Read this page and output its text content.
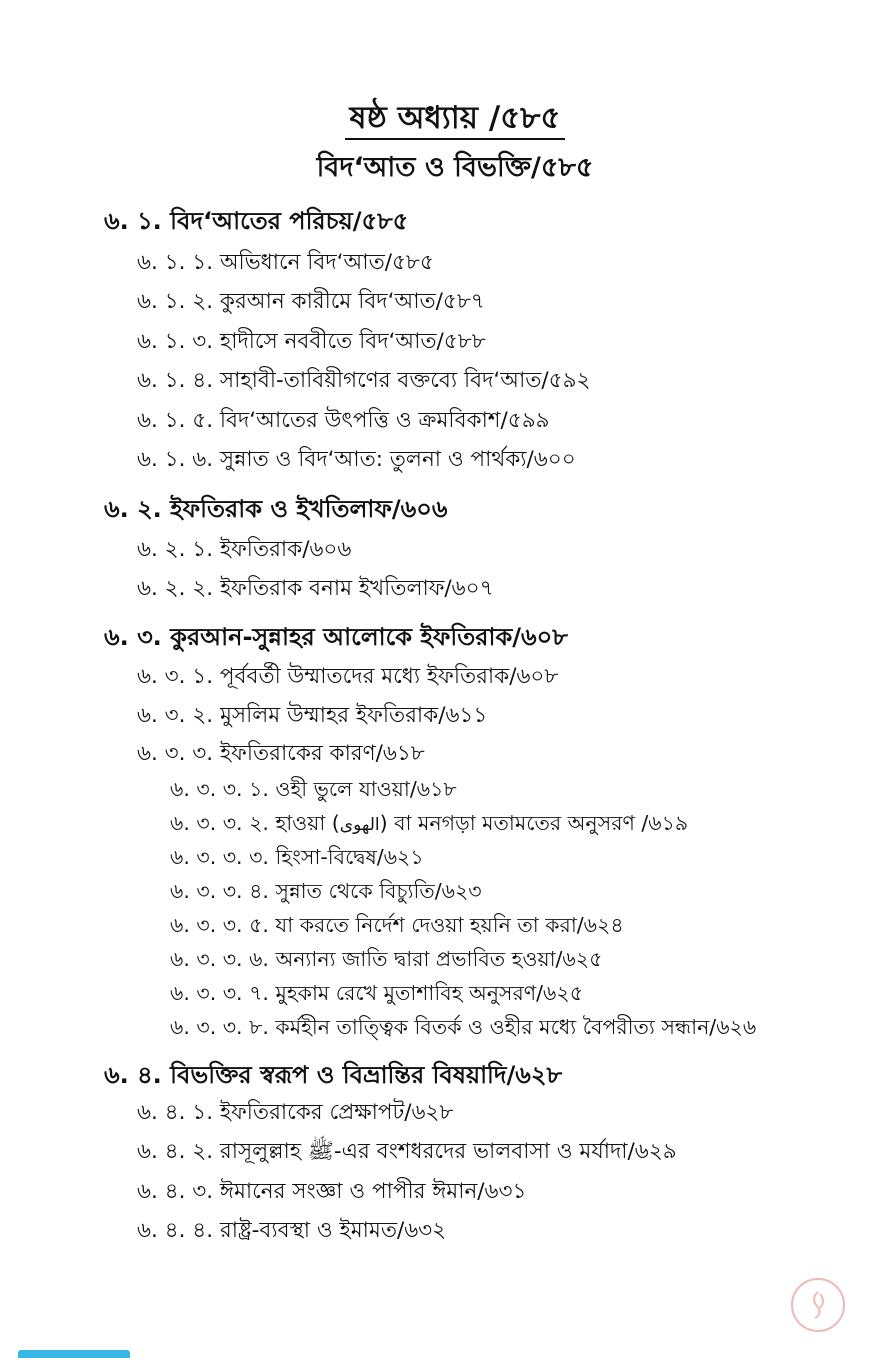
ষষ্ঠ অধ্যায় /৫৮৫
বিদ‘আত ও বিভক্তি/৫৮৫
৬. ১. বিদ‘আতের পরিচয়/৫৮৫
৬. ১. ১. অভিধানে বিদ‘আত/৫৮৫
৬. ১. ২. কুরআন কারীমে বিদ‘আত/৫৮৭
৬. ১. ৩. হাদীসে নববীতে বিদ‘আত/৫৮৮
৬. ১. ৪. সাহাবী-তাবিয়ীগণের বক্তব্যে বিদ‘আত/৫৯২
৬. ১. ৫. বিদ‘আতের উৎপত্তি ও ক্রমবিকাশ/৫৯৯
৬. ১. ৬. সুন্নাত ও বিদ‘আত: তুলনা ও পার্থক্য/৬০০
৬. ২. ইফতিরাক ও ইখতিলাফ/৬০৬
৬. ২. ১. ইফতিরাক/৬০৬
৬. ২. ২. ইফতিরাক বনাম ইখতিলাফ/৬০৭
৬. ৩. কুরআন-সুন্নাহর আলোকে ইফতিরাক/৬০৮
৬. ৩. ১. পূর্ববর্তী উম্মাতদের মধ্যে ইফতিরাক/৬০৮
৬. ৩. ২. মুসলিম উম্মাহর ইফতিরাক/৬১১
৬. ৩. ৩. ইফতিরাকের কারণ/৬১৮
৬. ৩. ৩. ১. ওহী ভুলে যাওয়া/৬১৮
৬. ৩. ৩. ২. হাওয়া (الهوى) বা মনগড়া মতামতের অনুসরণ /৬১৯
৬. ৩. ৩. ৩. হিংসা-বিদ্বেষ/৬২১
৬. ৩. ৩. ৪. সুন্নাত থেকে বিচ্যুতি/৬২৩
৬. ৩. ৩. ৫. যা করতে নির্দেশ দেওয়া হয়নি তা করা/৬২৪
৬. ৩. ৩. ৬. অন্যান্য জাতি দ্বারা প্রভাবিত হওয়া/৬২৫
৬. ৩. ৩. ৭. মুহকাম রেখে মুতাশাবিহ অনুসরণ/৬২৫
৬. ৩. ৩. ৮. কর্মহীন তাত্ত্বিক বিতর্ক ও ওহীর মধ্যে বৈপরীত্য সন্ধান/৬২৬
৬. ৪. বিভক্তির স্বরূপ ও বিভ্রান্তির বিষয়াদি/৬২৮
৬. ৪. ১. ইফতিরাকের প্রেক্ষাপট/৬২৮
৬. ৪. ২. রাসূলুল্লাহ ﷺ-এর বংশধরদের ভালবাসা ও মর্যাদা/৬২৯
৬. ৪. ৩. ঈমানের সংজ্ঞা ও পাপীর ঈমান/৬৩১
৬. ৪. ৪. রাষ্ট্র-ব্যবস্থা ও ইমামত/৬৩২
